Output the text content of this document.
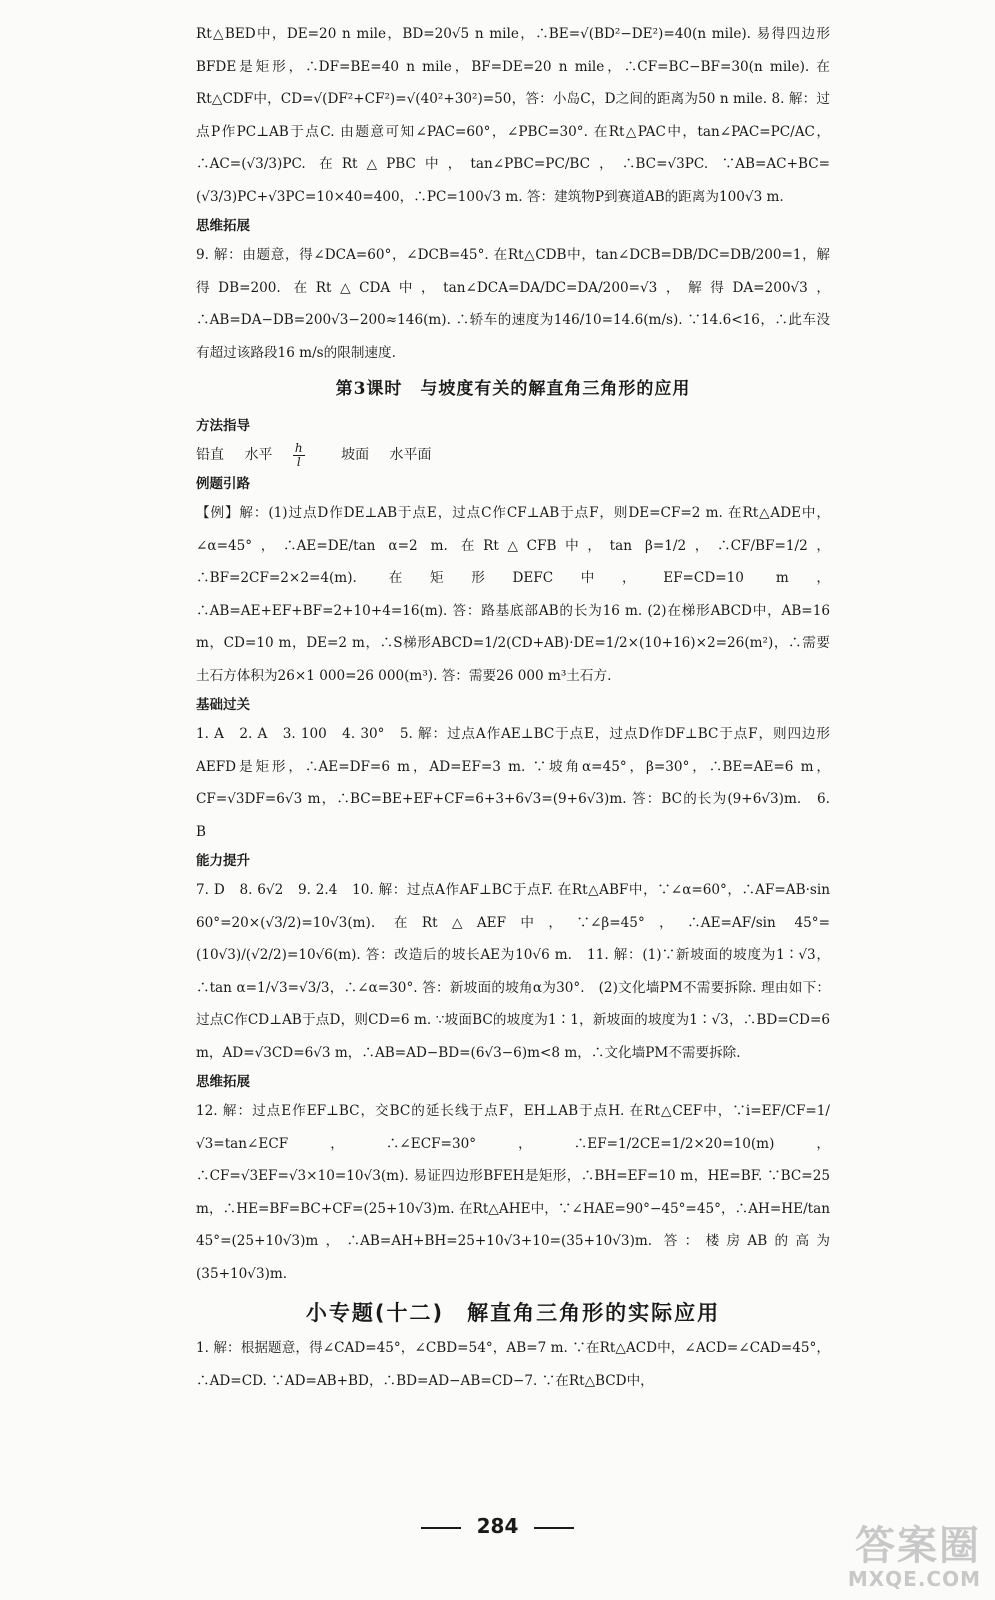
Rt△BED中，DE=20 n mile，BD=20√5 n mile，∴BE=√(BD²−DE²)=40(n mile). 易得四边形BFDE是矩形，∴DF=BE=40 n mile，BF=DE=20 n mile，∴CF=BC−BF=30(n mile). 在Rt△CDF中，CD=√(DF²+CF²)=√(40²+30²)=50，答：小岛C，D之间的距离为50 n mile. 8. 解：过点P作PC⊥AB于点C. 由题意可知∠PAC=60°，∠PBC=30°. 在Rt△PAC中，tan∠PAC=PC/AC，∴AC=(√3/3)PC. 在Rt△PBC中，tan∠PBC=PC/BC，∴BC=√3PC. ∵AB=AC+BC=(√3/3)PC+√3PC=10×40=400，∴PC=100√3 m. 答：建筑物P到赛道AB的距离为100√3 m.

思维拓展

9. 解：由题意，得∠DCA=60°，∠DCB=45°. 在Rt△CDB中，tan∠DCB=DB/DC=DB/200=1，解得DB=200. 在Rt△CDA中，tan∠DCA=DA/DC=DA/200=√3，解得DA=200√3，∴AB=DA−DB=200√3−200≈146(m). ∴轿车的速度为146/10=14.6(m/s). ∵14.6<16，∴此车没有超过该路段16 m/s的限制速度.

第3课时　与坡度有关的解直角三角形的应用

方法指导

铅直 水平 $\frac{h}{l}$ 坡面 水平面

例题引路

【例】解：(1)过点D作DE⊥AB于点E，过点C作CF⊥AB于点F，则DE=CF=2 m. 在Rt△ADE中，∠α=45°，∴AE=DE/tan α=2 m. 在Rt△CFB中，tan β=1/2，∴CF/BF=1/2，∴BF=2CF=2×2=4(m). 在矩形DEFC中，EF=CD=10 m，∴AB=AE+EF+BF=2+10+4=16(m). 答：路基底部AB的长为16 m. (2)在梯形ABCD中，AB=16 m，CD=10 m，DE=2 m，∴S梯形ABCD=1/2(CD+AB)·DE=1/2×(10+16)×2=26(m²)，∴需要土石方体积为26×1 000=26 000(m³). 答：需要26 000 m³土石方.

基础过关

1. A　2. A　3. 100　4. 30°　5. 解：过点A作AE⊥BC于点E，过点D作DF⊥BC于点F，则四边形AEFD是矩形，∴AE=DF=6 m，AD=EF=3 m. ∵坡角α=45°，β=30°，∴BE=AE=6 m，CF=√3DF=6√3 m，∴BC=BE+EF+CF=6+3+6√3=(9+6√3)m. 答：BC的长为(9+6√3)m.　6. B

能力提升

7. D　8. 6√2　9. 2.4　10. 解：过点A作AF⊥BC于点F. 在Rt△ABF中，∵∠α=60°，∴AF=AB·sin 60°=20×(√3/2)=10√3(m). 在Rt△AEF中，∵∠β=45°，∴AE=AF/sin 45°=(10√3)/(√2/2)=10√6(m). 答：改造后的坡长AE为10√6 m.　11. 解：(1)∵新坡面的坡度为1∶√3，∴tan α=1/√3=√3/3，∴∠α=30°. 答：新坡面的坡角α为30°.　(2)文化墙PM不需要拆除. 理由如下：过点C作CD⊥AB于点D，则CD=6 m. ∵坡面BC的坡度为1∶1，新坡面的坡度为1∶√3，∴BD=CD=6 m，AD=√3CD=6√3 m，∴AB=AD−BD=(6√3−6)m<8 m，∴文化墙PM不需要拆除.

思维拓展

12. 解：过点E作EF⊥BC，交BC的延长线于点F，EH⊥AB于点H. 在Rt△CEF中，∵i=EF/CF=1/√3=tan∠ECF，∴∠ECF=30°，∴EF=1/2CE=1/2×20=10(m)，∴CF=√3EF=√3×10=10√3(m). 易证四边形BFEH是矩形，∴BH=EF=10 m，HE=BF. ∵BC=25 m，∴HE=BF=BC+CF=(25+10√3)m. 在Rt△AHE中，∵∠HAE=90°−45°=45°，∴AH=HE/tan 45°=(25+10√3)m，∴AB=AH+BH=25+10√3+10=(35+10√3)m. 答：楼房AB的高为(35+10√3)m.

小专题(十二)　解直角三角形的实际应用

1. 解：根据题意，得∠CAD=45°，∠CBD=54°，AB=7 m. ∵在Rt△ACD中，∠ACD=∠CAD=45°，∴AD=CD. ∵AD=AB+BD，∴BD=AD−AB=CD−7. ∵在Rt△BCD中，

284	答案圈
MXQE.COM
